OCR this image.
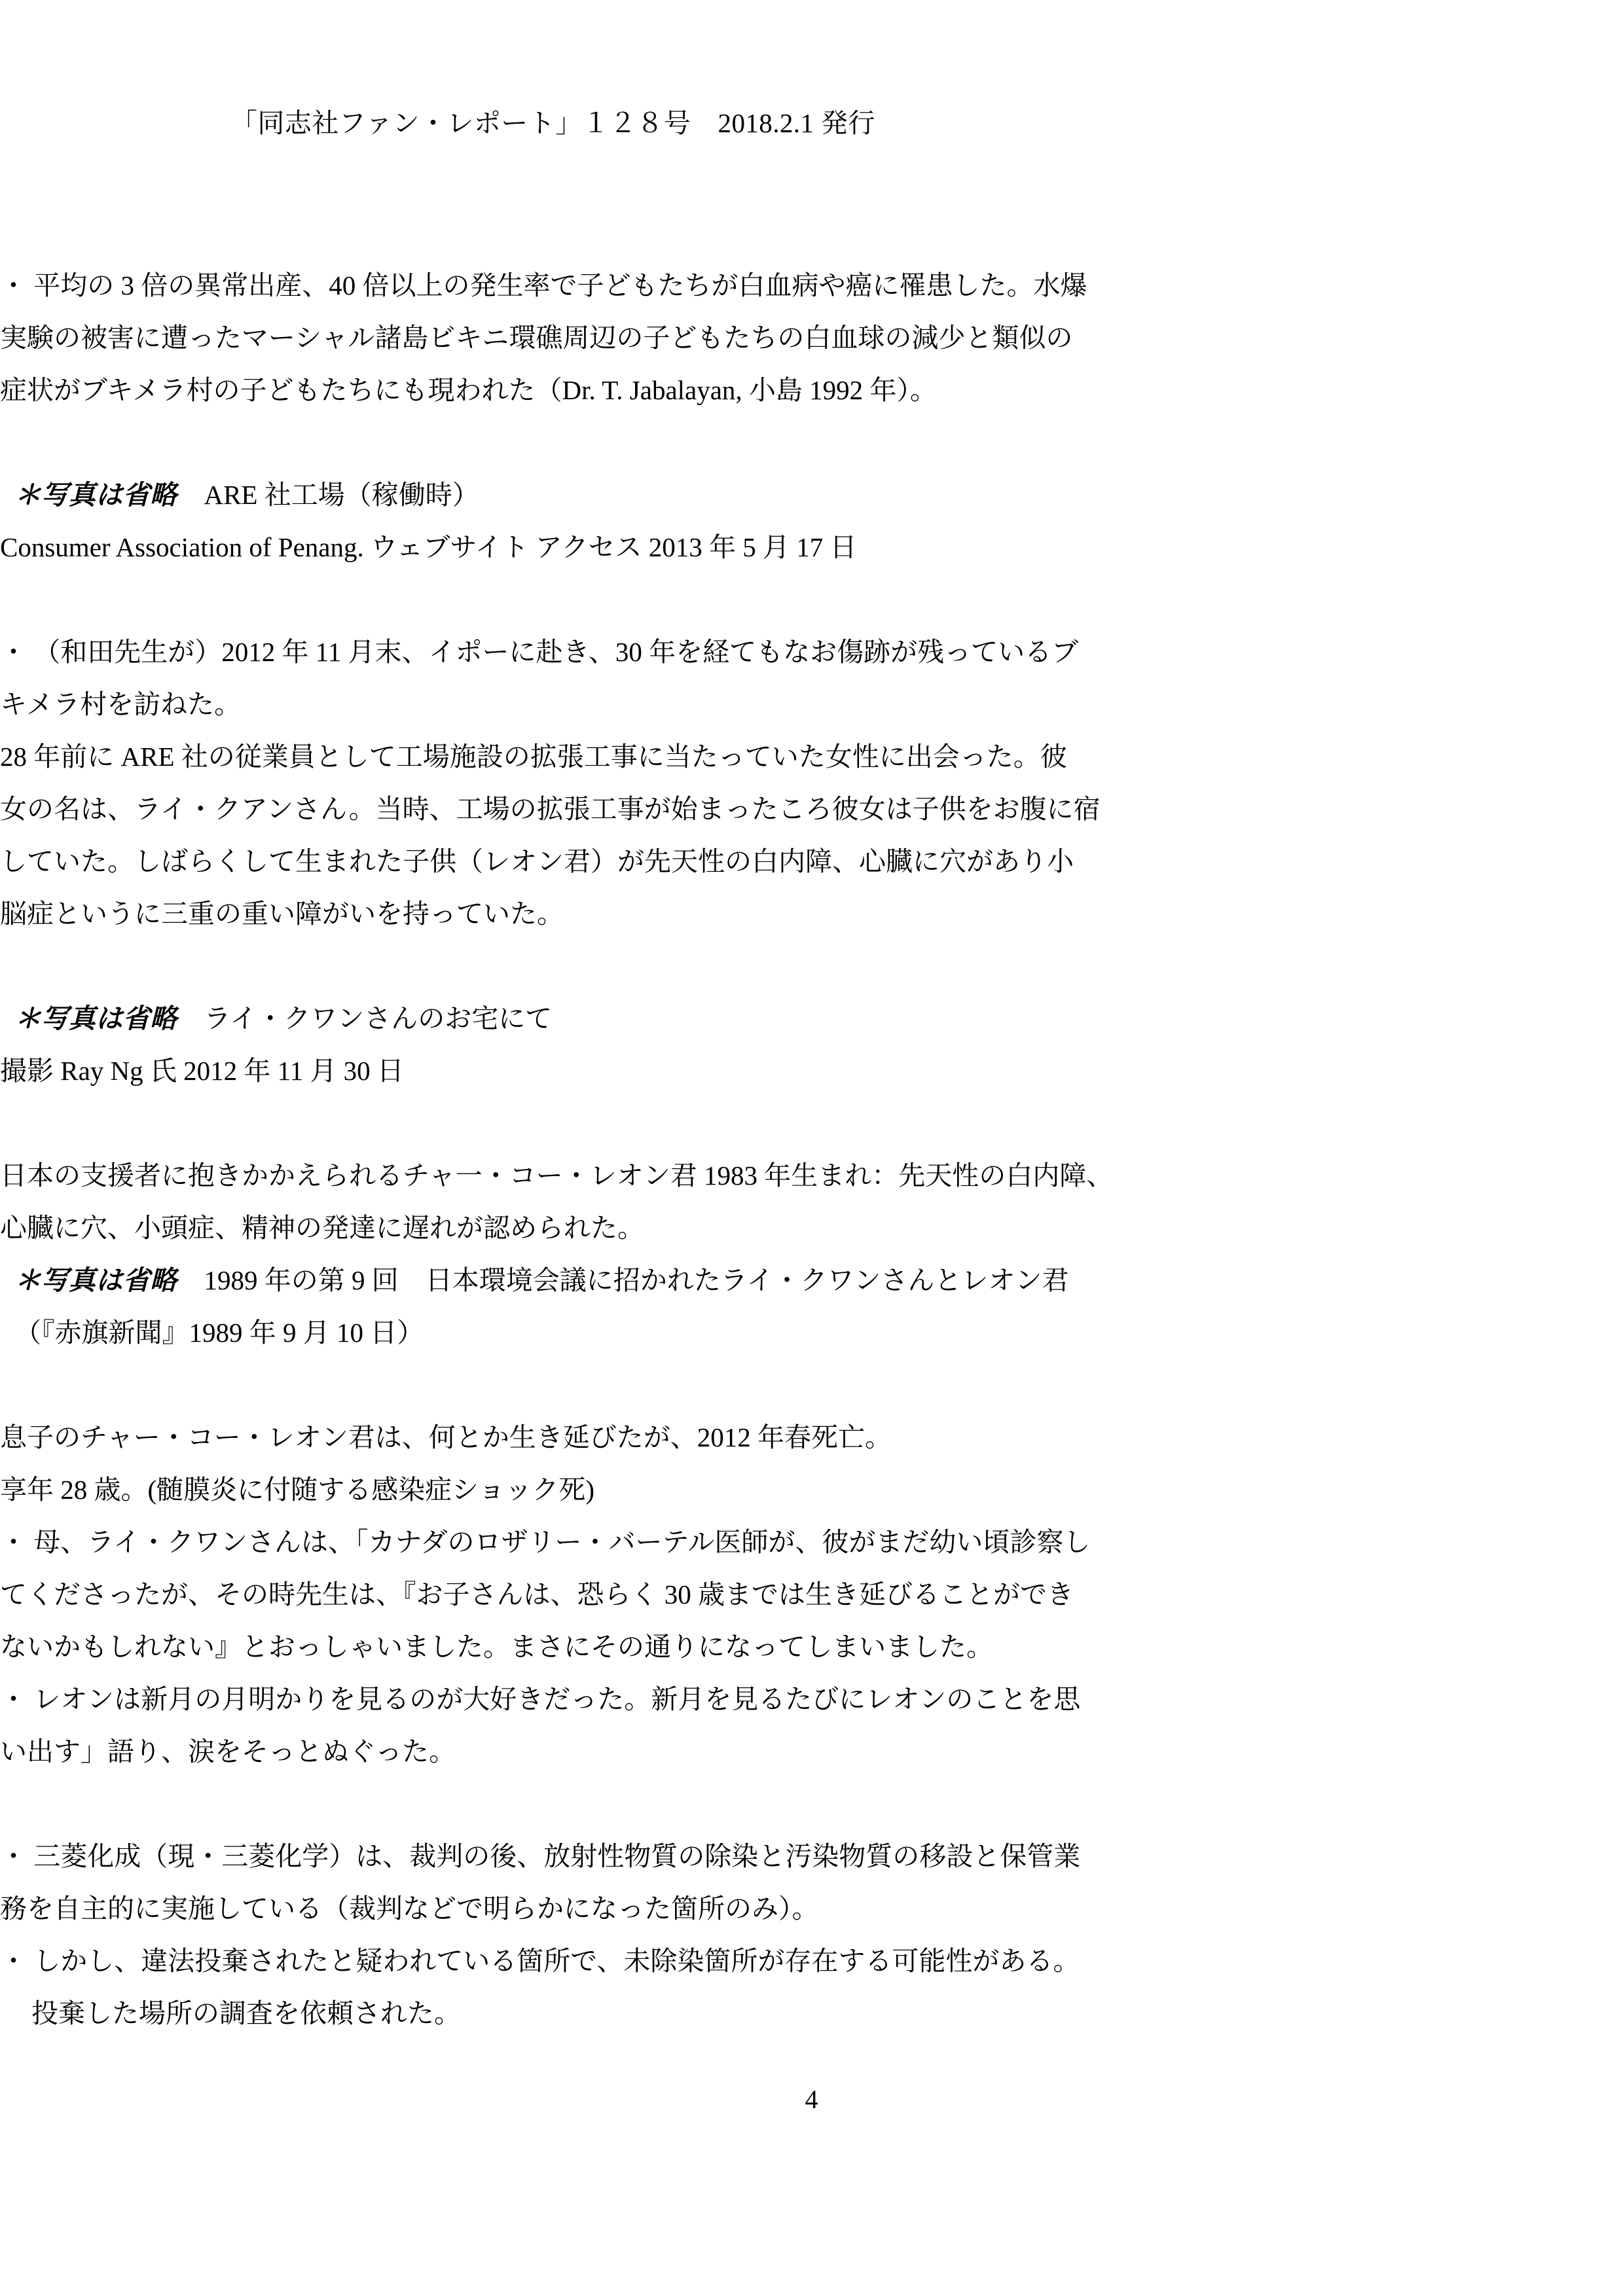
「同志社ファン・レポート」１２８号　2018.2.1 発行
・ 平均の 3 倍の異常出産、40 倍以上の発生率で子どもたちが白血病や癌に罹患した。水爆
実験の被害に遭ったマーシャル諸島ビキニ環礁周辺の子どもたちの白血球の減少と類似の
症状がブキメラ村の子どもたちにも現われた（Dr. T. Jabalayan, 小島 1992 年）。
＊写真は省略　 ARE 社工場（稼働時）
Consumer Association of Penang. ウェブサイト アクセス 2013 年 5 月 17 日
・ （和田先生が）2012 年 11 月末、イポーに赴き、30 年を経てもなお傷跡が残っているブ
キメラ村を訪ねた。
28 年前に ARE 社の従業員として工場施設の拡張工事に当たっていた女性に出会った。彼
女の名は、ライ・クアンさん。当時、工場の拡張工事が始まったころ彼女は子供をお腹に宿
していた。しばらくして生まれた子供（レオン君）が先天性の白内障、心臓に穴があり小
脳症というに三重の重い障がいを持っていた。
＊写真は省略　 ライ・クワンさんのお宅にて
撮影 Ray Ng 氏 2012 年 11 月 30 日
日本の支援者に抱きかかえられるチャ一・コー・レオン君 1983 年生まれ：先天性の白内障、
心臓に穴、小頭症、精神の発達に遅れが認められた。
＊写真は省略　 1989 年の第 9 回　日本環境会議に招かれたライ・クワンさんとレオン君
（『赤旗新聞』1989 年 9 月 10 日）
息子のチャー・コー・レオン君は、何とか生き延びたが、2012 年春死亡。
享年 28 歳。(髄膜炎に付随する感染症ショック死)
・ 母、ライ・クワンさんは、「カナダのロザリー・バーテル医師が、彼がまだ幼い頃診察し
てくださったが、その時先生は、『お子さんは、恐らく 30 歳までは生き延びることができ
ないかもしれない』とおっしゃいました。まさにその通りになってしまいました。
・ レオンは新月の月明かりを見るのが大好きだった。新月を見るたびにレオンのことを思
い出す」語り、涙をそっとぬぐった。
・ 三菱化成（現・三菱化学）は、裁判の後、放射性物質の除染と汚染物質の移設と保管業
務を自主的に実施している（裁判などで明らかになった箇所のみ）。
・ しかし、違法投棄されたと疑われている箇所で、未除染箇所が存在する可能性がある。
投棄した場所の調査を依頼された。
4
